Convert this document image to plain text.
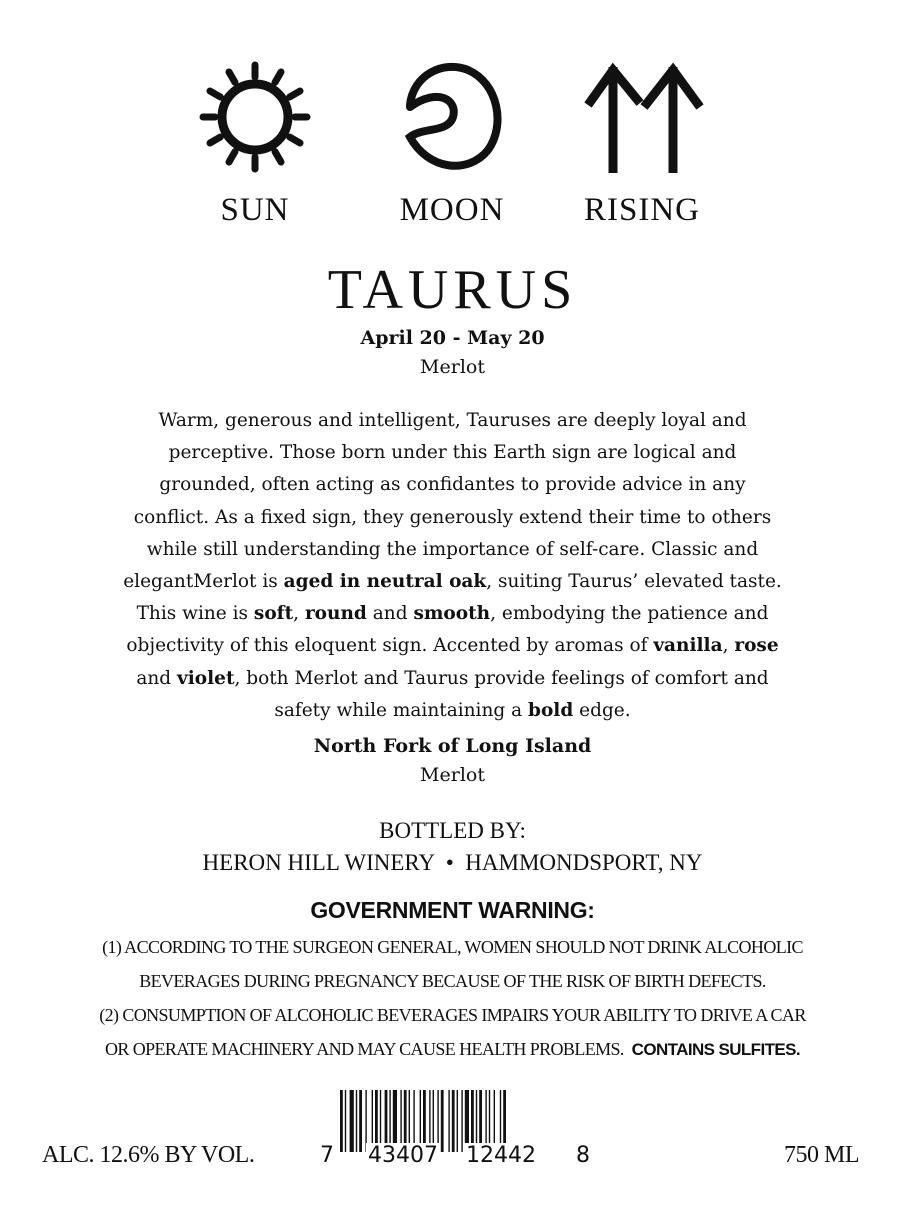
SUN	MOON	RISING
TAURUS
April 20 - May 20
Merlot
Warm, generous and intelligent, Tauruses are deeply loyal and
perceptive. Those born under this Earth sign are logical and
grounded, often acting as confidantes to provide advice in any
conflict. As a fixed sign, they generously extend their time to others
while still understanding the importance of self-care. Classic and
elegantMerlot is aged in neutral oak, suiting Taurus’ elevated taste.
This wine is soft, round and smooth, embodying the patience and
objectivity of this eloquent sign. Accented by aromas of vanilla, rose
and violet, both Merlot and Taurus provide feelings of comfort and
safety while maintaining a bold edge.
North Fork of Long Island
Merlot
BOTTLED BY:
HERON HILL WINERY  •  HAMMONDSPORT, NY
GOVERNMENT WARNING:
(1) ACCORDING TO THE SURGEON GENERAL, WOMEN SHOULD NOT DRINK ALCOHOLIC
BEVERAGES DURING PREGNANCY BECAUSE OF THE RISK OF BIRTH DEFECTS.
(2) CONSUMPTION OF ALCOHOLIC BEVERAGES IMPAIRS YOUR ABILITY TO DRIVE A CAR
OR OPERATE MACHINERY AND MAY CAUSE HEALTH PROBLEMS. CONTAINS SULFITES.
ALC. 12.6% BY VOL.	750 ML
7 43407 12442 8
